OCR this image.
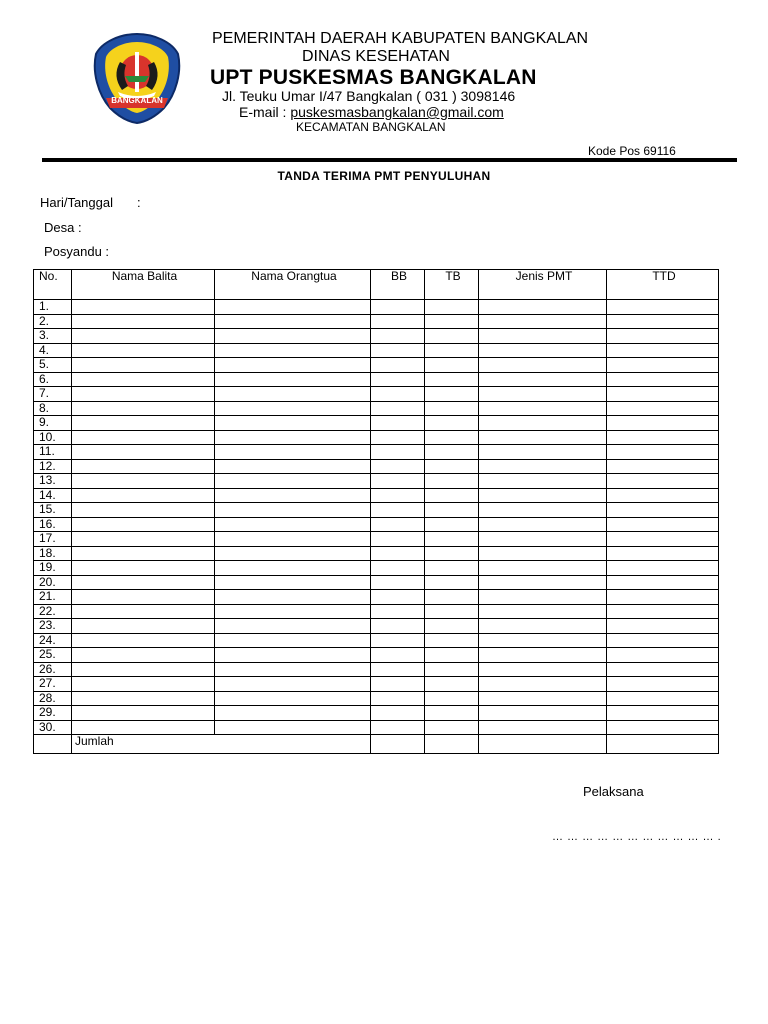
BANGKALAN
PEMERINTAH DAERAH KABUPATEN BANGKALAN
DINAS KESEHATAN
UPT PUSKESMAS BANGKALAN
Jl. Teuku Umar I/47 Bangkalan ( 031 ) 3098146
E-mail : puskesmasbangkalan@gmail.com
KECAMATAN BANGKALAN
Kode Pos 69116
TANDA TERIMA PMT PENYULUHAN
Hari/Tanggal :
Desa :
Posyandu :
No.	Nama Balita	Nama Orangtua	BB	TB	Jenis PMT	TTD
1.						
2.						
3.						
4.						
5.						
6.						
7.						
8.						
9.						
10.						
11.						
12.						
13.						
14.						
15.						
16.						
17.						
18.						
19.						
20.						
21.						
22.						
23.						
24.						
25.						
26.						
27.						
28.						
29.						
30.						
	Jumlah					
Pelaksana
… … … … … … … … … … … .
